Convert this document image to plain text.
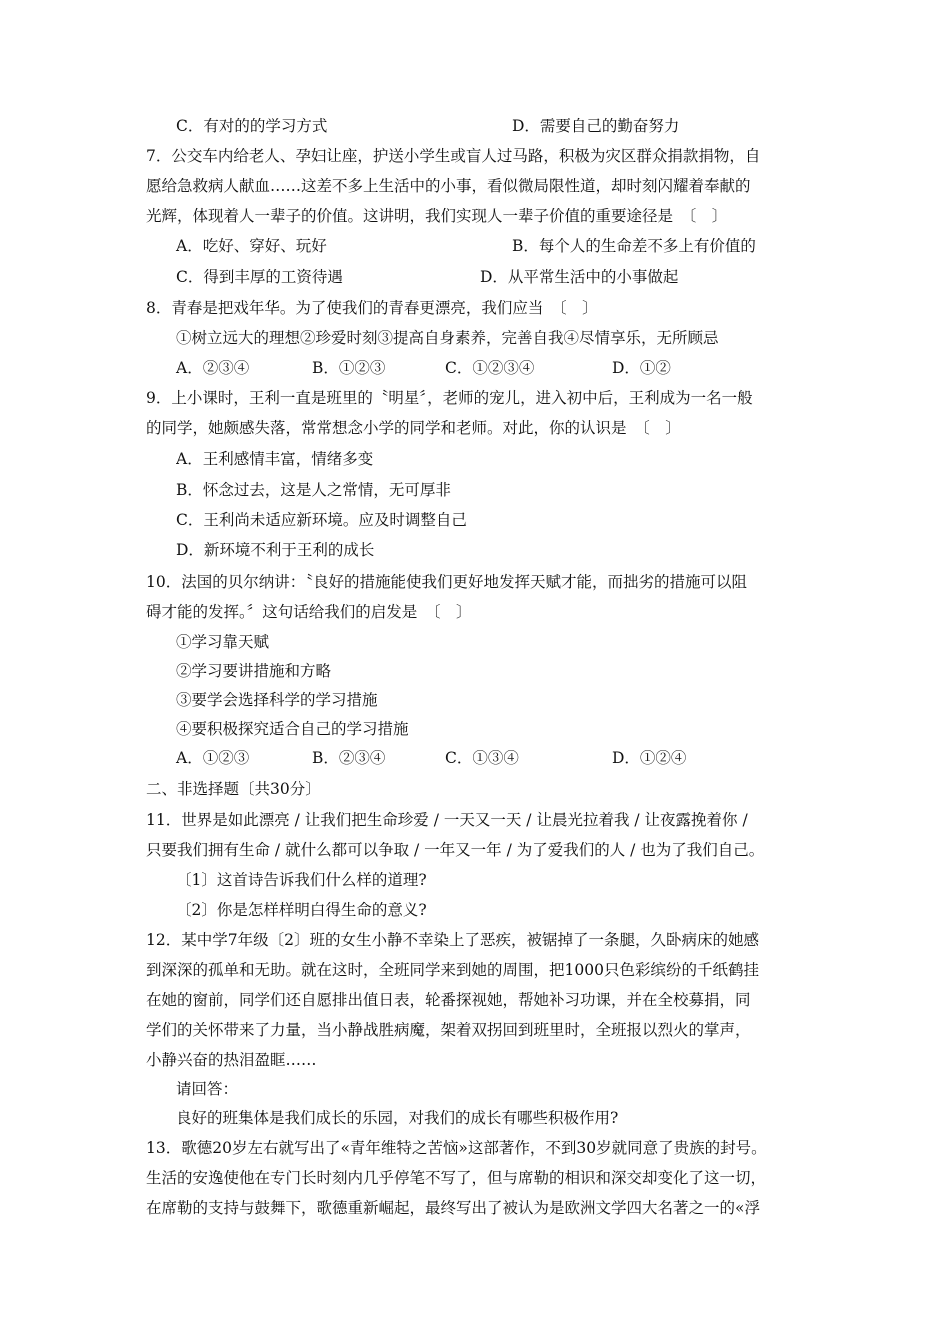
C．有对的的学习方式	D．需要自己的勤奋努力
7．公交车内给老人、孕妇让座，护送小学生或盲人过马路，积极为灾区群众捐款捐物，自
愿给急救病人献血……这差不多上生活中的小事，看似微局限性道，却时刻闪耀着奉献的
光辉，体现着人一辈子的价值。这讲明，我们实现人一辈子价值的重要途径是　〔　〕
A．吃好、穿好、玩好	B．每个人的生命差不多上有价值的
C．得到丰厚的工资待遇	D．从平常生活中的小事做起
8．青春是把戏年华。为了使我们的青春更漂亮，我们应当　〔　〕
①树立远大的理想②珍爱时刻③提高自身素养，完善自我④尽情享乐，无所顾忌
A．②③④	B．①②③	C．①②③④	D．①②
9．上小课时，王利一直是班里的〝明星〞，老师的宠儿，进入初中后，王利成为一名一般
的同学，她颇感失落，常常想念小学的同学和老师。对此，你的认识是　〔　〕
A．王利感情丰富，情绪多变
B．怀念过去，这是人之常情，无可厚非
C．王利尚未适应新环境。应及时调整自己
D．新环境不利于王利的成长
10．法国的贝尔纳讲：〝良好的措施能使我们更好地发挥天赋才能，而拙劣的措施可以阻
碍才能的发挥。〞这句话给我们的启发是　〔　〕
①学习靠天赋
②学习要讲措施和方略
③要学会选择科学的学习措施
④要积极探究适合自己的学习措施
A．①②③	B．②③④	C．①③④	D．①②④
二、非选择题〔共30分〕
11．世界是如此漂亮 / 让我们把生命珍爱 / 一天又一天 / 让晨光拉着我 / 让夜露挽着你 /
只要我们拥有生命 / 就什么都可以争取 / 一年又一年 / 为了爱我们的人 / 也为了我们自己。
〔1〕这首诗告诉我们什么样的道理?
〔2〕你是怎样样明白得生命的意义?
12．某中学7年级〔2〕班的女生小静不幸染上了恶疾，被锯掉了一条腿，久卧病床的她感
到深深的孤单和无助。就在这时，全班同学来到她的周围，把1000只色彩缤纷的千纸鹤挂
在她的窗前，同学们还自愿排出值日表，轮番探视她，帮她补习功课，并在全校募捐，同
学们的关怀带来了力量，当小静战胜病魔，架着双拐回到班里时，全班报以烈火的掌声，
小静兴奋的热泪盈眶……
请回答：
良好的班集体是我们成长的乐园，对我们的成长有哪些积极作用?
13．歌德20岁左右就写出了«青年维特之苦恼»这部著作，不到30岁就同意了贵族的封号。
生活的安逸使他在专门长时刻内几乎停笔不写了，但与席勒的相识和深交却变化了这一切，
在席勒的支持与鼓舞下，歌德重新崛起，最终写出了被认为是欧洲文学四大名著之一的«浮
